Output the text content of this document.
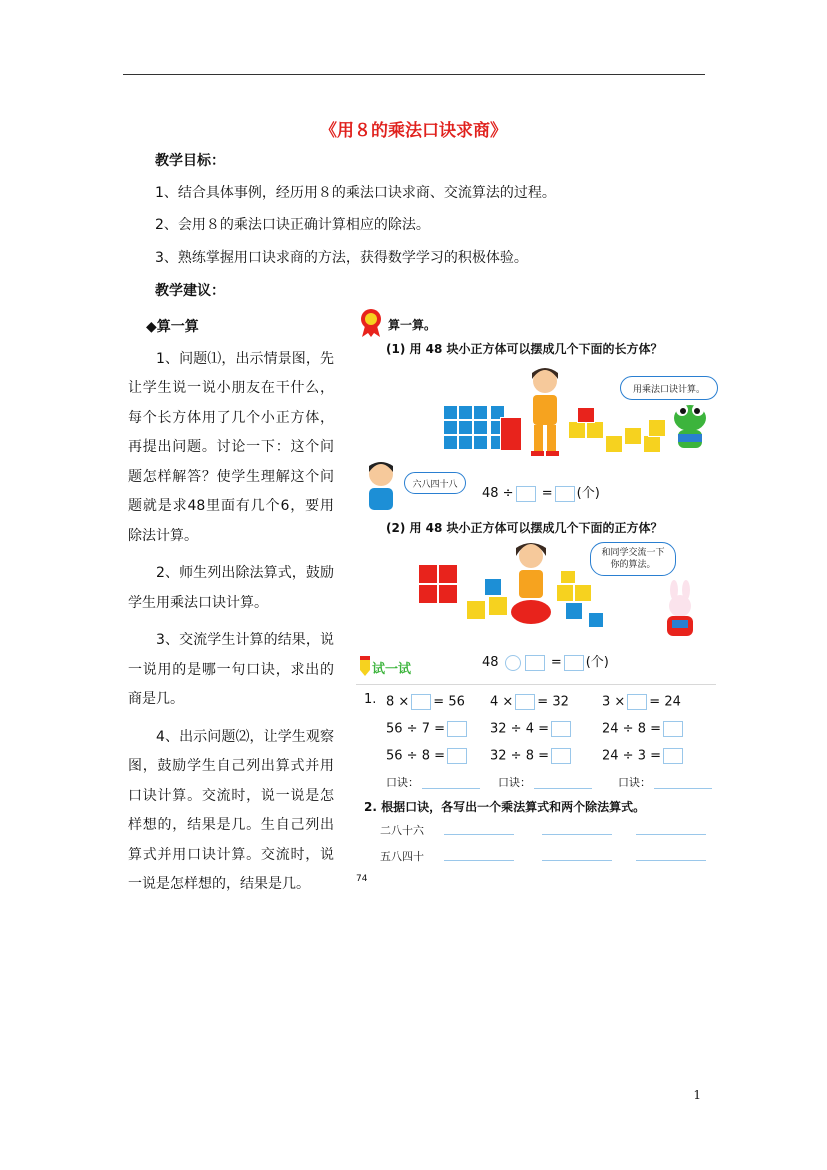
《用８的乘法口诀求商》
教学目标：
1、结合具体事例，经历用８的乘法口诀求商、交流算法的过程。
2、会用８的乘法口诀正确计算相应的除法。
3、熟练掌握用口诀求商的方法，获得数学学习的积极体验。
教学建议：
◆算一算
1、问题⑴，出示情景图，先让学生说一说小朋友在干什么，每个长方体用了几个小正方体，再提出问题。讨论一下：这个问题怎样解答？使学生理解这个问题就是求48里面有几个6，要用除法计算。
2、师生列出除法算式，鼓励学生用乘法口诀计算。
3、交流学生计算的结果，说一说用的是哪一句口诀，求出的商是几。
4、出示问题⑵，让学生观察图，鼓励学生自己列出算式并用口诀计算。交流时，说一说是怎样想的，结果是几。生自己列出算式并用口诀计算。交流时，说一说是怎样想的，结果是几。
算一算。
(1) 用 48 块小正方体可以摆成几个下面的长方体？
用乘法口诀计算。
六八四十八
48 ÷ = (个)
(2) 用 48 块小正方体可以摆成几个下面的正方体？
和同学交流一下你的算法。
48	= (个)
试一试
1. 8 × = 56 4 × = 32	3 × = 24
56 ÷ 7 =	32 ÷ 4 =	24 ÷ 8 =
56 ÷ 8 =	32 ÷ 8 =	24 ÷ 3 =
口诀：	口诀：	口诀：
2. 根据口诀，各写出一个乘法算式和两个除法算式。
二八十六
五八四十
74
1
